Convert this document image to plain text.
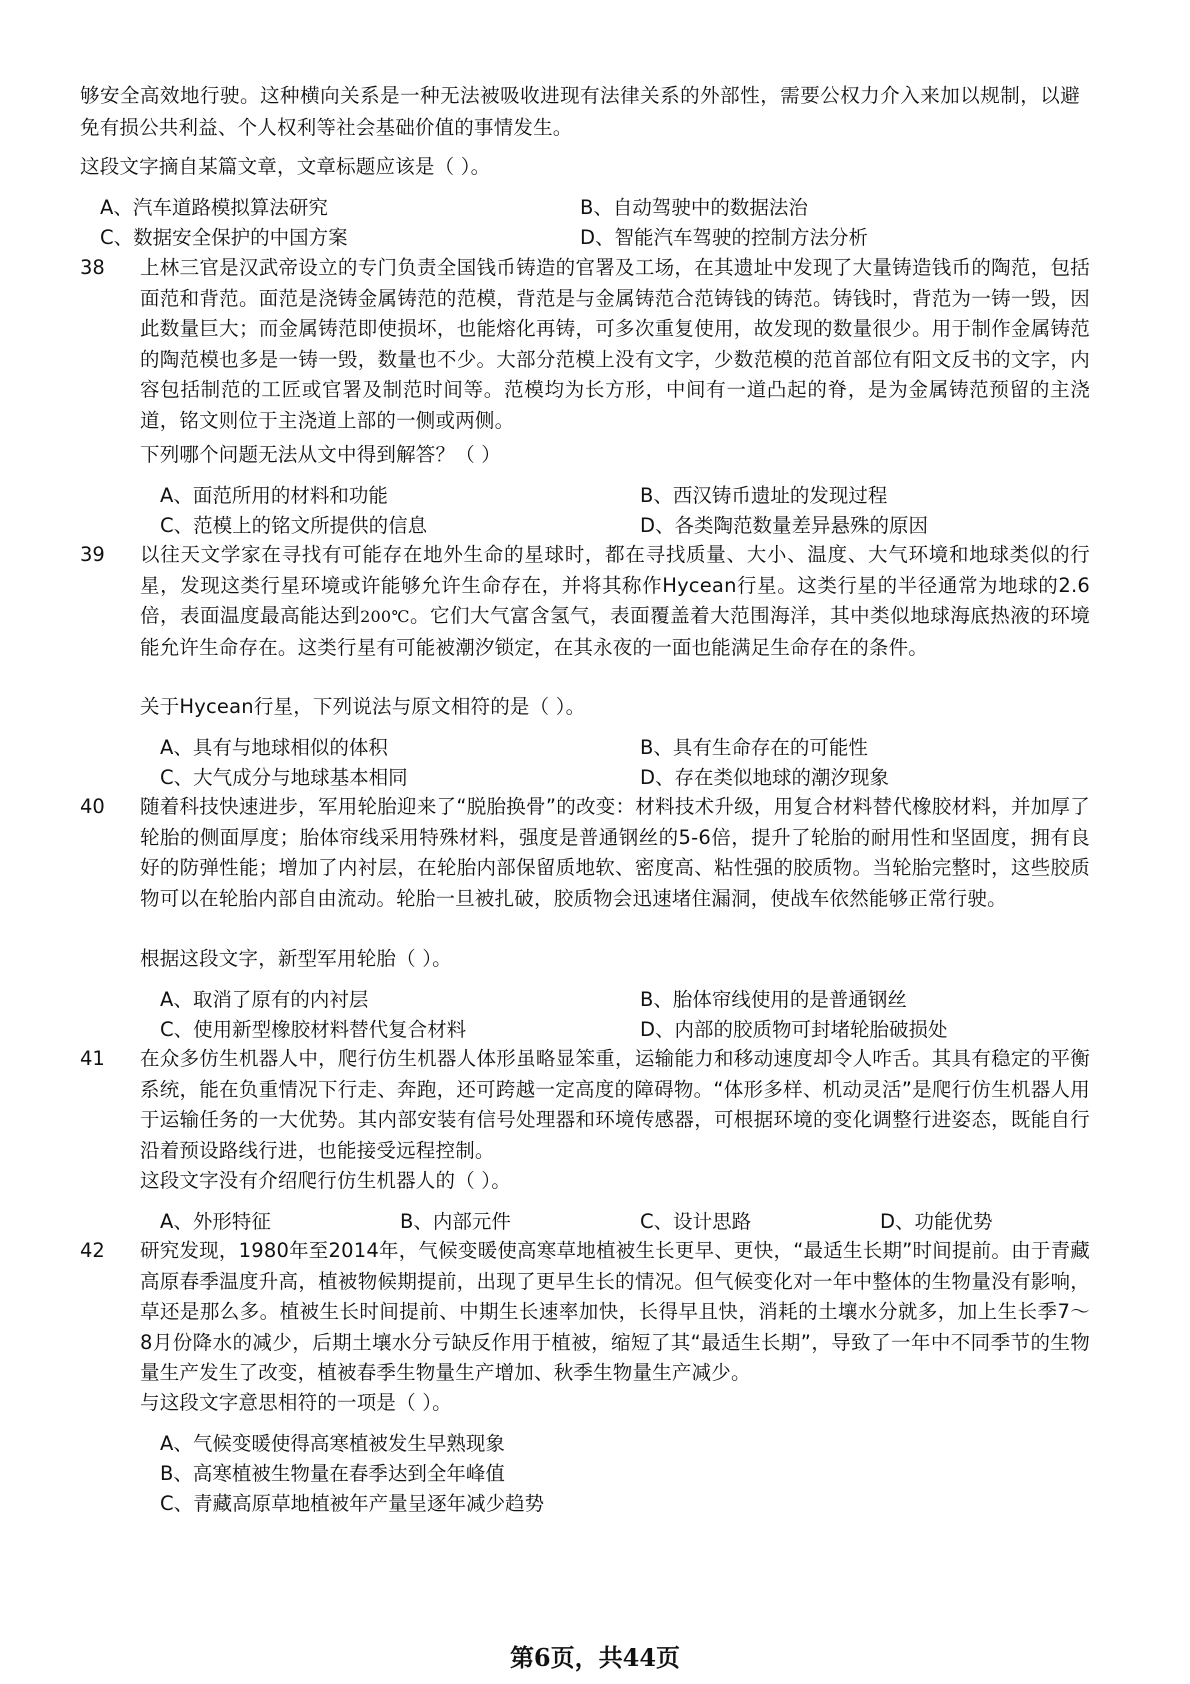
够安全高效地行驶。这种横向关系是一种无法被吸收进现有法律关系的外部性，需要公权力介入来加以规制，以避免有损公共利益、个人权利等社会基础价值的事情发生。
这段文字摘自某篇文章，文章标题应该是（ ）。
A、汽车道路模拟算法研究	B、自动驾驶中的数据法治
C、数据安全保护的中国方案	D、智能汽车驾驶的控制方法分析
38 上林三官是汉武帝设立的专门负责全国钱币铸造的官署及工场，在其遗址中发现了大量铸造钱币的陶范，包括面范和背范。面范是浇铸金属铸范的范模，背范是与金属铸范合范铸钱的铸范。铸钱时，背范为一铸一毁，因此数量巨大；而金属铸范即使损坏，也能熔化再铸，可多次重复使用，故发现的数量很少。用于制作金属铸范的陶范模也多是一铸一毁，数量也不少。大部分范模上没有文字，少数范模的范首部位有阳文反书的文字，内容包括制范的工匠或官署及制范时间等。范模均为长方形，中间有一道凸起的脊，是为金属铸范预留的主浇道，铭文则位于主浇道上部的一侧或两侧。
下列哪个问题无法从文中得到解答？（ ）
A、面范所用的材料和功能	B、西汉铸币遗址的发现过程
C、范模上的铭文所提供的信息	D、各类陶范数量差异悬殊的原因
39 以往天文学家在寻找有可能存在地外生命的星球时，都在寻找质量、大小、温度、大气环境和地球类似的行星，发现这类行星环境或许能够允许生命存在，并将其称作Hycean行星。这类行星的半径通常为地球的2.6倍，表面温度最高能达到200℃。它们大气富含氢气，表面覆盖着大范围海洋，其中类似地球海底热液的环境能允许生命存在。这类行星有可能被潮汐锁定，在其永夜的一面也能满足生命存在的条件。
关于Hycean行星，下列说法与原文相符的是（ ）。
A、具有与地球相似的体积	B、具有生命存在的可能性
C、大气成分与地球基本相同	D、存在类似地球的潮汐现象
40 随着科技快速进步，军用轮胎迎来了“脱胎换骨”的改变：材料技术升级，用复合材料替代橡胶材料，并加厚了轮胎的侧面厚度；胎体帘线采用特殊材料，强度是普通钢丝的5-6倍，提升了轮胎的耐用性和坚固度，拥有良好的防弹性能；增加了内衬层，在轮胎内部保留质地软、密度高、粘性强的胶质物。当轮胎完整时，这些胶质物可以在轮胎内部自由流动。轮胎一旦被扎破，胶质物会迅速堵住漏洞，使战车依然能够正常行驶。
根据这段文字，新型军用轮胎（ ）。
A、取消了原有的内衬层	B、胎体帘线使用的是普通钢丝
C、使用新型橡胶材料替代复合材料	D、内部的胶质物可封堵轮胎破损处
41 在众多仿生机器人中，爬行仿生机器人体形虽略显笨重，运输能力和移动速度却令人咋舌。其具有稳定的平衡系统，能在负重情况下行走、奔跑，还可跨越一定高度的障碍物。“体形多样、机动灵活”是爬行仿生机器人用于运输任务的一大优势。其内部安装有信号处理器和环境传感器，可根据环境的变化调整行进姿态，既能自行沿着预设路线行进，也能接受远程控制。
这段文字没有介绍爬行仿生机器人的（ ）。
A、外形特征	B、内部元件	C、设计思路	D、功能优势
42 研究发现，1980年至2014年，气候变暖使高寒草地植被生长更早、更快，“最适生长期”时间提前。由于青藏高原春季温度升高，植被物候期提前，出现了更早生长的情况。但气候变化对一年中整体的生物量没有影响，草还是那么多。植被生长时间提前、中期生长速率加快，长得早且快，消耗的土壤水分就多，加上生长季7～8月份降水的减少，后期土壤水分亏缺反作用于植被，缩短了其“最适生长期”，导致了一年中不同季节的生物量生产发生了改变，植被春季生物量生产增加、秋季生物量生产减少。
与这段文字意思相符的一项是（ ）。
A、气候变暖使得高寒植被发生早熟现象
B、高寒植被生物量在春季达到全年峰值
C、青藏高原草地植被年产量呈逐年减少趋势
第6页，共44页
